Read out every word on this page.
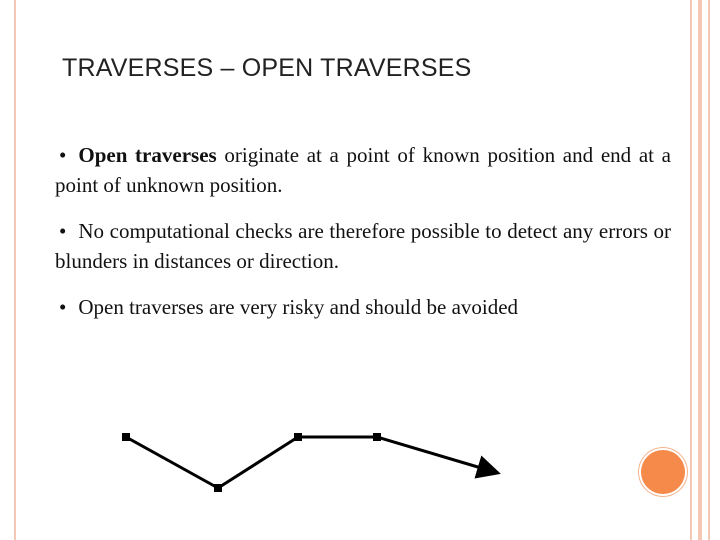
TRAVERSES – OPEN TRAVERSES

• Open traverses originate at a point of known position and end at a point of unknown position.

• No computational checks are therefore possible to detect any errors or blunders in distances or direction.

• Open traverses are very risky and should be avoided
